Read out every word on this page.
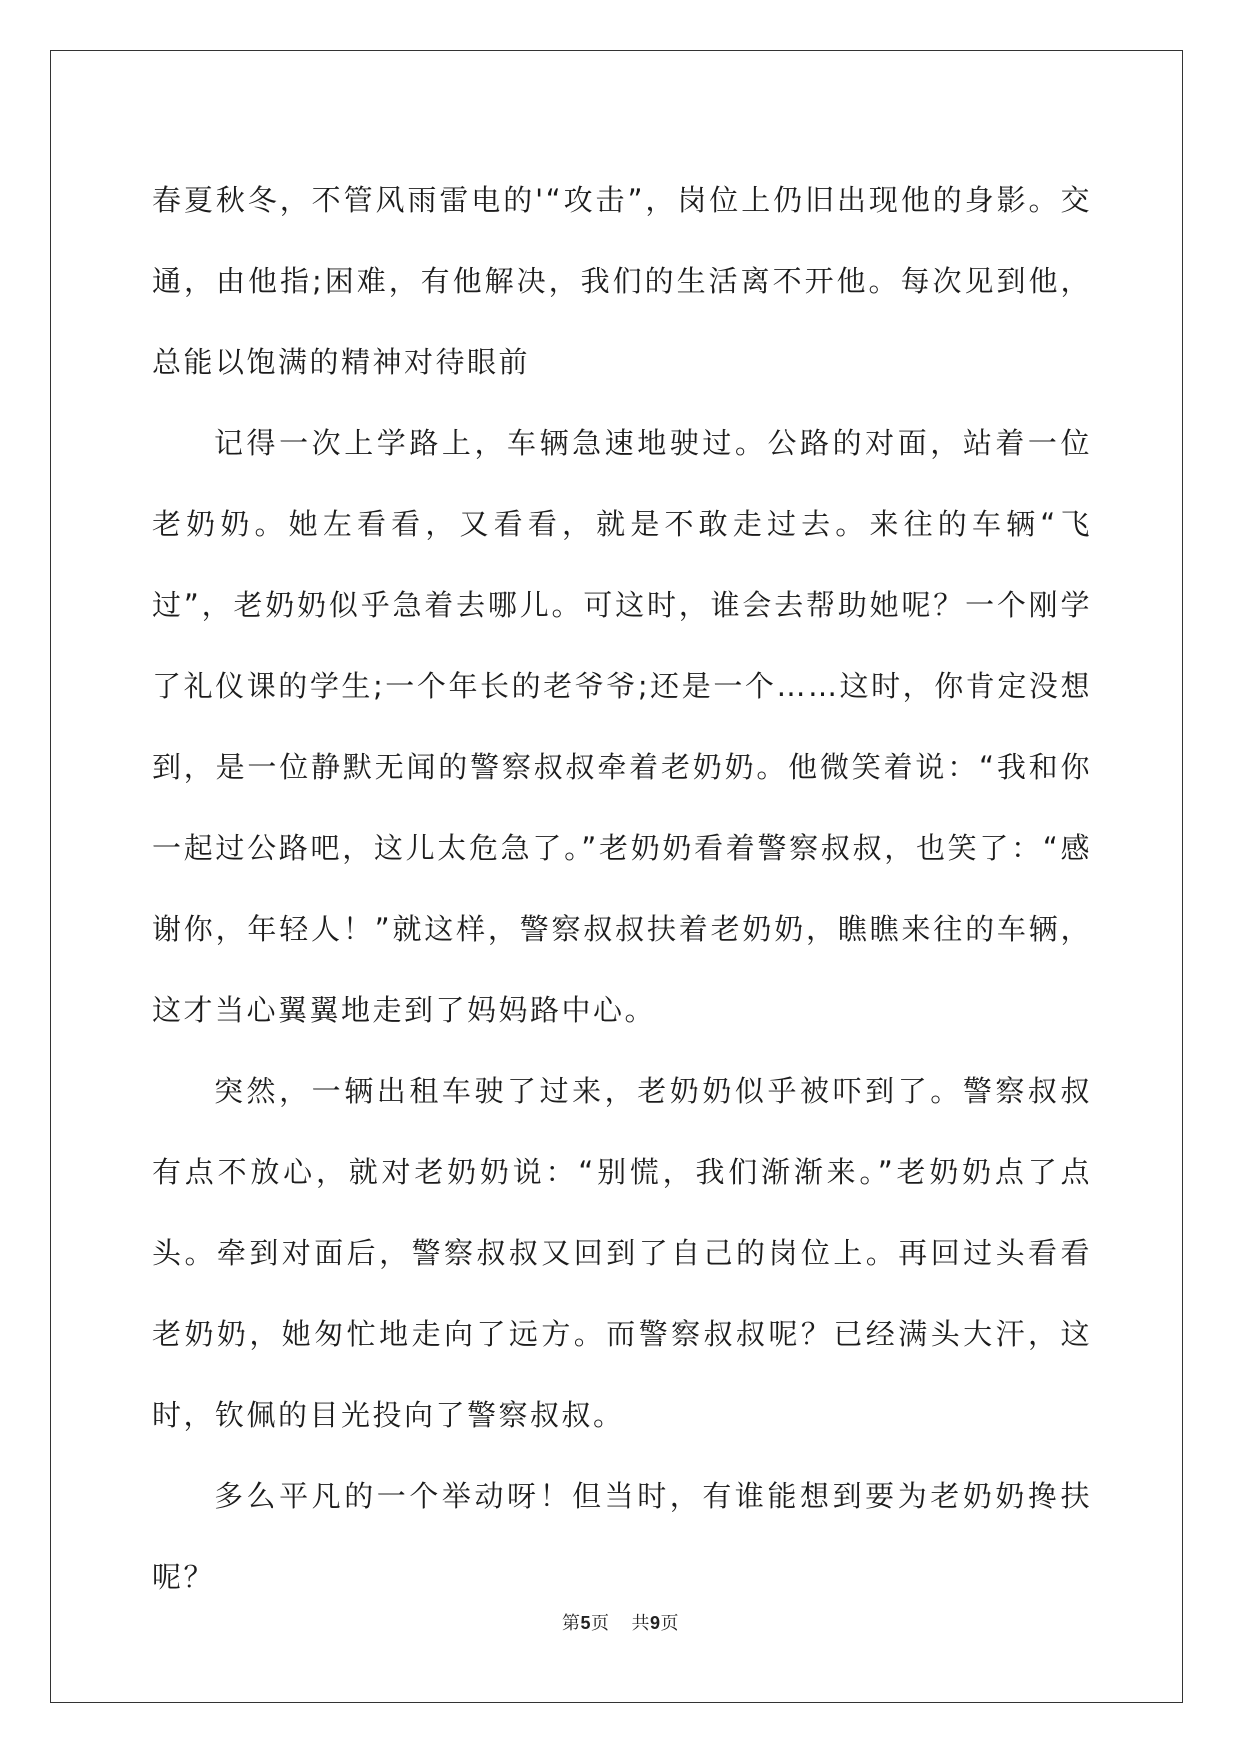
春夏秋冬，不管风雨雷电的'“攻击”，岗位上仍旧出现他的身影。交通，由他指;困难，有他解决，我们的生活离不开他。每次见到他，总能以饱满的精神对待眼前

记得一次上学路上，车辆急速地驶过。公路的对面，站着一位老奶奶。她左看看，又看看，就是不敢走过去。来往的车辆“飞过”，老奶奶似乎急着去哪儿。可这时，谁会去帮助她呢？一个刚学了礼仪课的学生;一个年长的老爷爷;还是一个……这时，你肯定没想到，是一位静默无闻的警察叔叔牵着老奶奶。他微笑着说：“我和你一起过公路吧，这儿太危急了。”老奶奶看着警察叔叔，也笑了：“感谢你，年轻人！”就这样，警察叔叔扶着老奶奶，瞧瞧来往的车辆，这才当心翼翼地走到了妈妈路中心。

突然，一辆出租车驶了过来，老奶奶似乎被吓到了。警察叔叔有点不放心，就对老奶奶说：“别慌，我们渐渐来。”老奶奶点了点头。牵到对面后，警察叔叔又回到了自己的岗位上。再回过头看看老奶奶，她匆忙地走向了远方。而警察叔叔呢？已经满头大汗，这时，钦佩的目光投向了警察叔叔。

多么平凡的一个举动呀！但当时，有谁能想到要为老奶奶搀扶呢？

第5页 共9页
